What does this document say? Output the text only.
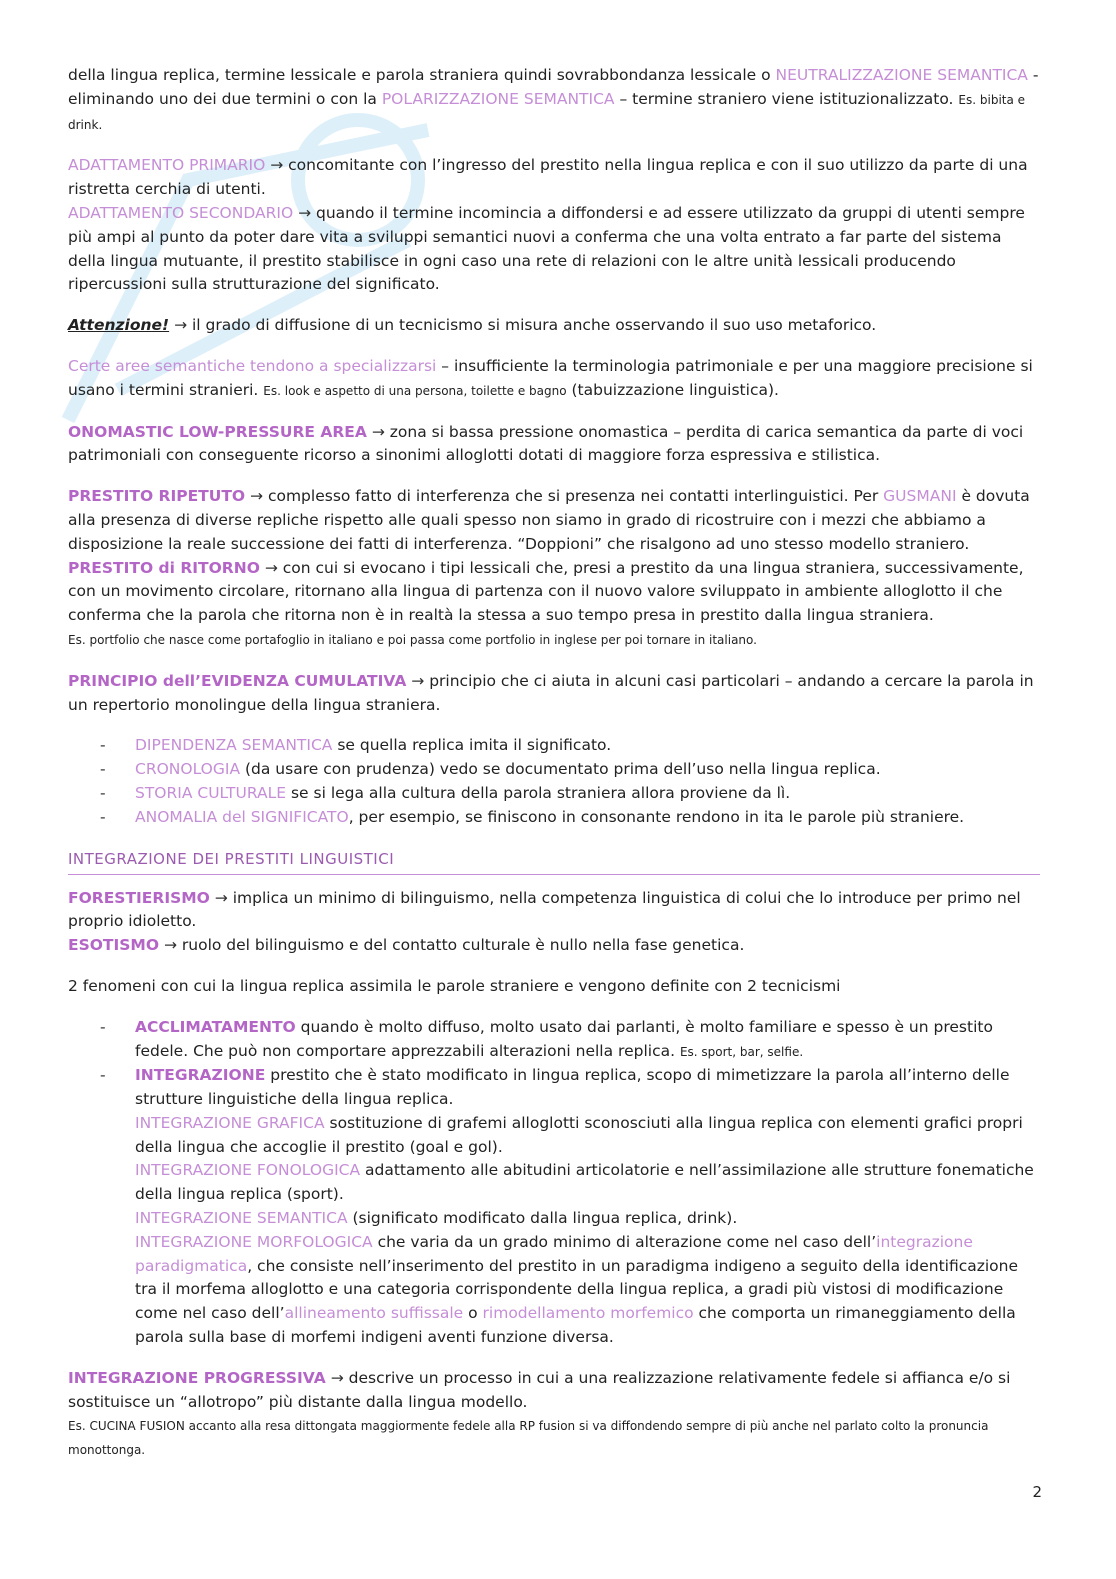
della lingua replica, termine lessicale e parola straniera quindi sovrabbondanza lessicale o NEUTRALIZZAZIONE SEMANTICA - eliminando uno dei due termini o con la POLARIZZAZIONE SEMANTICA – termine straniero viene istituzionalizzato. Es. bibita e drink.

ADATTAMENTO PRIMARIO → concomitante con l’ingresso del prestito nella lingua replica e con il suo utilizzo da parte di una ristretta cerchia di utenti.
ADATTAMENTO SECONDARIO → quando il termine incomincia a diffondersi e ad essere utilizzato da gruppi di utenti sempre più ampi al punto da poter dare vita a sviluppi semantici nuovi a conferma che una volta entrato a far parte del sistema della lingua mutuante, il prestito stabilisce in ogni caso una rete di relazioni con le altre unità lessicali producendo ripercussioni sulla strutturazione del significato.

Attenzione! → il grado di diffusione di un tecnicismo si misura anche osservando il suo uso metaforico.

Certe aree semantiche tendono a specializzarsi – insufficiente la terminologia patrimoniale e per una maggiore precisione si usano i termini stranieri. Es. look e aspetto di una persona, toilette e bagno (tabuizzazione linguistica).

ONOMASTIC LOW-PRESSURE AREA → zona si bassa pressione onomastica – perdita di carica semantica da parte di voci patrimoniali con conseguente ricorso a sinonimi alloglotti dotati di maggiore forza espressiva e stilistica.

PRESTITO RIPETUTO → complesso fatto di interferenza che si presenza nei contatti interlinguistici. Per GUSMANI è dovuta alla presenza di diverse repliche rispetto alle quali spesso non siamo in grado di ricostruire con i mezzi che abbiamo a disposizione la reale successione dei fatti di interferenza. “Doppioni” che risalgono ad uno stesso modello straniero.
PRESTITO di RITORNO → con cui si evocano i tipi lessicali che, presi a prestito da una lingua straniera, successivamente, con un movimento circolare, ritornano alla lingua di partenza con il nuovo valore sviluppato in ambiente alloglotto il che conferma che la parola che ritorna non è in realtà la stessa a suo tempo presa in prestito dalla lingua straniera.
Es. portfolio che nasce come portafoglio in italiano e poi passa come portfolio in inglese per poi tornare in italiano.

PRINCIPIO dell’EVIDENZA CUMULATIVA → principio che ci aiuta in alcuni casi particolari – andando a cercare la parola in un repertorio monolingue della lingua straniera.

- DIPENDENZA SEMANTICA se quella replica imita il significato.
- CRONOLOGIA (da usare con prudenza) vedo se documentato prima dell’uso nella lingua replica.
- STORIA CULTURALE se si lega alla cultura della parola straniera allora proviene da lì.
- ANOMALIA del SIGNIFICATO, per esempio, se finiscono in consonante rendono in ita le parole più straniere.

INTEGRAZIONE DEI PRESTITI LINGUISTICI

FORESTIERISMO → implica un minimo di bilinguismo, nella competenza linguistica di colui che lo introduce per primo nel proprio idioletto.
ESOTISMO → ruolo del bilinguismo e del contatto culturale è nullo nella fase genetica.

2 fenomeni con cui la lingua replica assimila le parole straniere e vengono definite con 2 tecnicismi

- ACCLIMATAMENTO quando è molto diffuso, molto usato dai parlanti, è molto familiare e spesso è un prestito fedele. Che può non comportare apprezzabili alterazioni nella replica. Es. sport, bar, selfie.
- INTEGRAZIONE prestito che è stato modificato in lingua replica, scopo di mimetizzare la parola all’interno delle strutture linguistiche della lingua replica.
INTEGRAZIONE GRAFICA sostituzione di grafemi alloglotti sconosciuti alla lingua replica con elementi grafici propri della lingua che accoglie il prestito (goal e gol).
INTEGRAZIONE FONOLOGICA adattamento alle abitudini articolatorie e nell’assimilazione alle strutture fonematiche della lingua replica (sport).
INTEGRAZIONE SEMANTICA (significato modificato dalla lingua replica, drink).
INTEGRAZIONE MORFOLOGICA che varia da un grado minimo di alterazione come nel caso dell’integrazione paradigmatica, che consiste nell’inserimento del prestito in un paradigma indigeno a seguito della identificazione tra il morfema alloglotto e una categoria corrispondente della lingua replica, a gradi più vistosi di modificazione come nel caso dell’allineamento suffissale o rimodellamento morfemico che comporta un rimaneggiamento della parola sulla base di morfemi indigeni aventi funzione diversa.

INTEGRAZIONE PROGRESSIVA → descrive un processo in cui a una realizzazione relativamente fedele si affianca e/o si sostituisce un “allotropo” più distante dalla lingua modello.
Es. CUCINA FUSION accanto alla resa dittongata maggiormente fedele alla RP fusion si va diffondendo sempre di più anche nel parlato colto la pronuncia monottonga.

2
